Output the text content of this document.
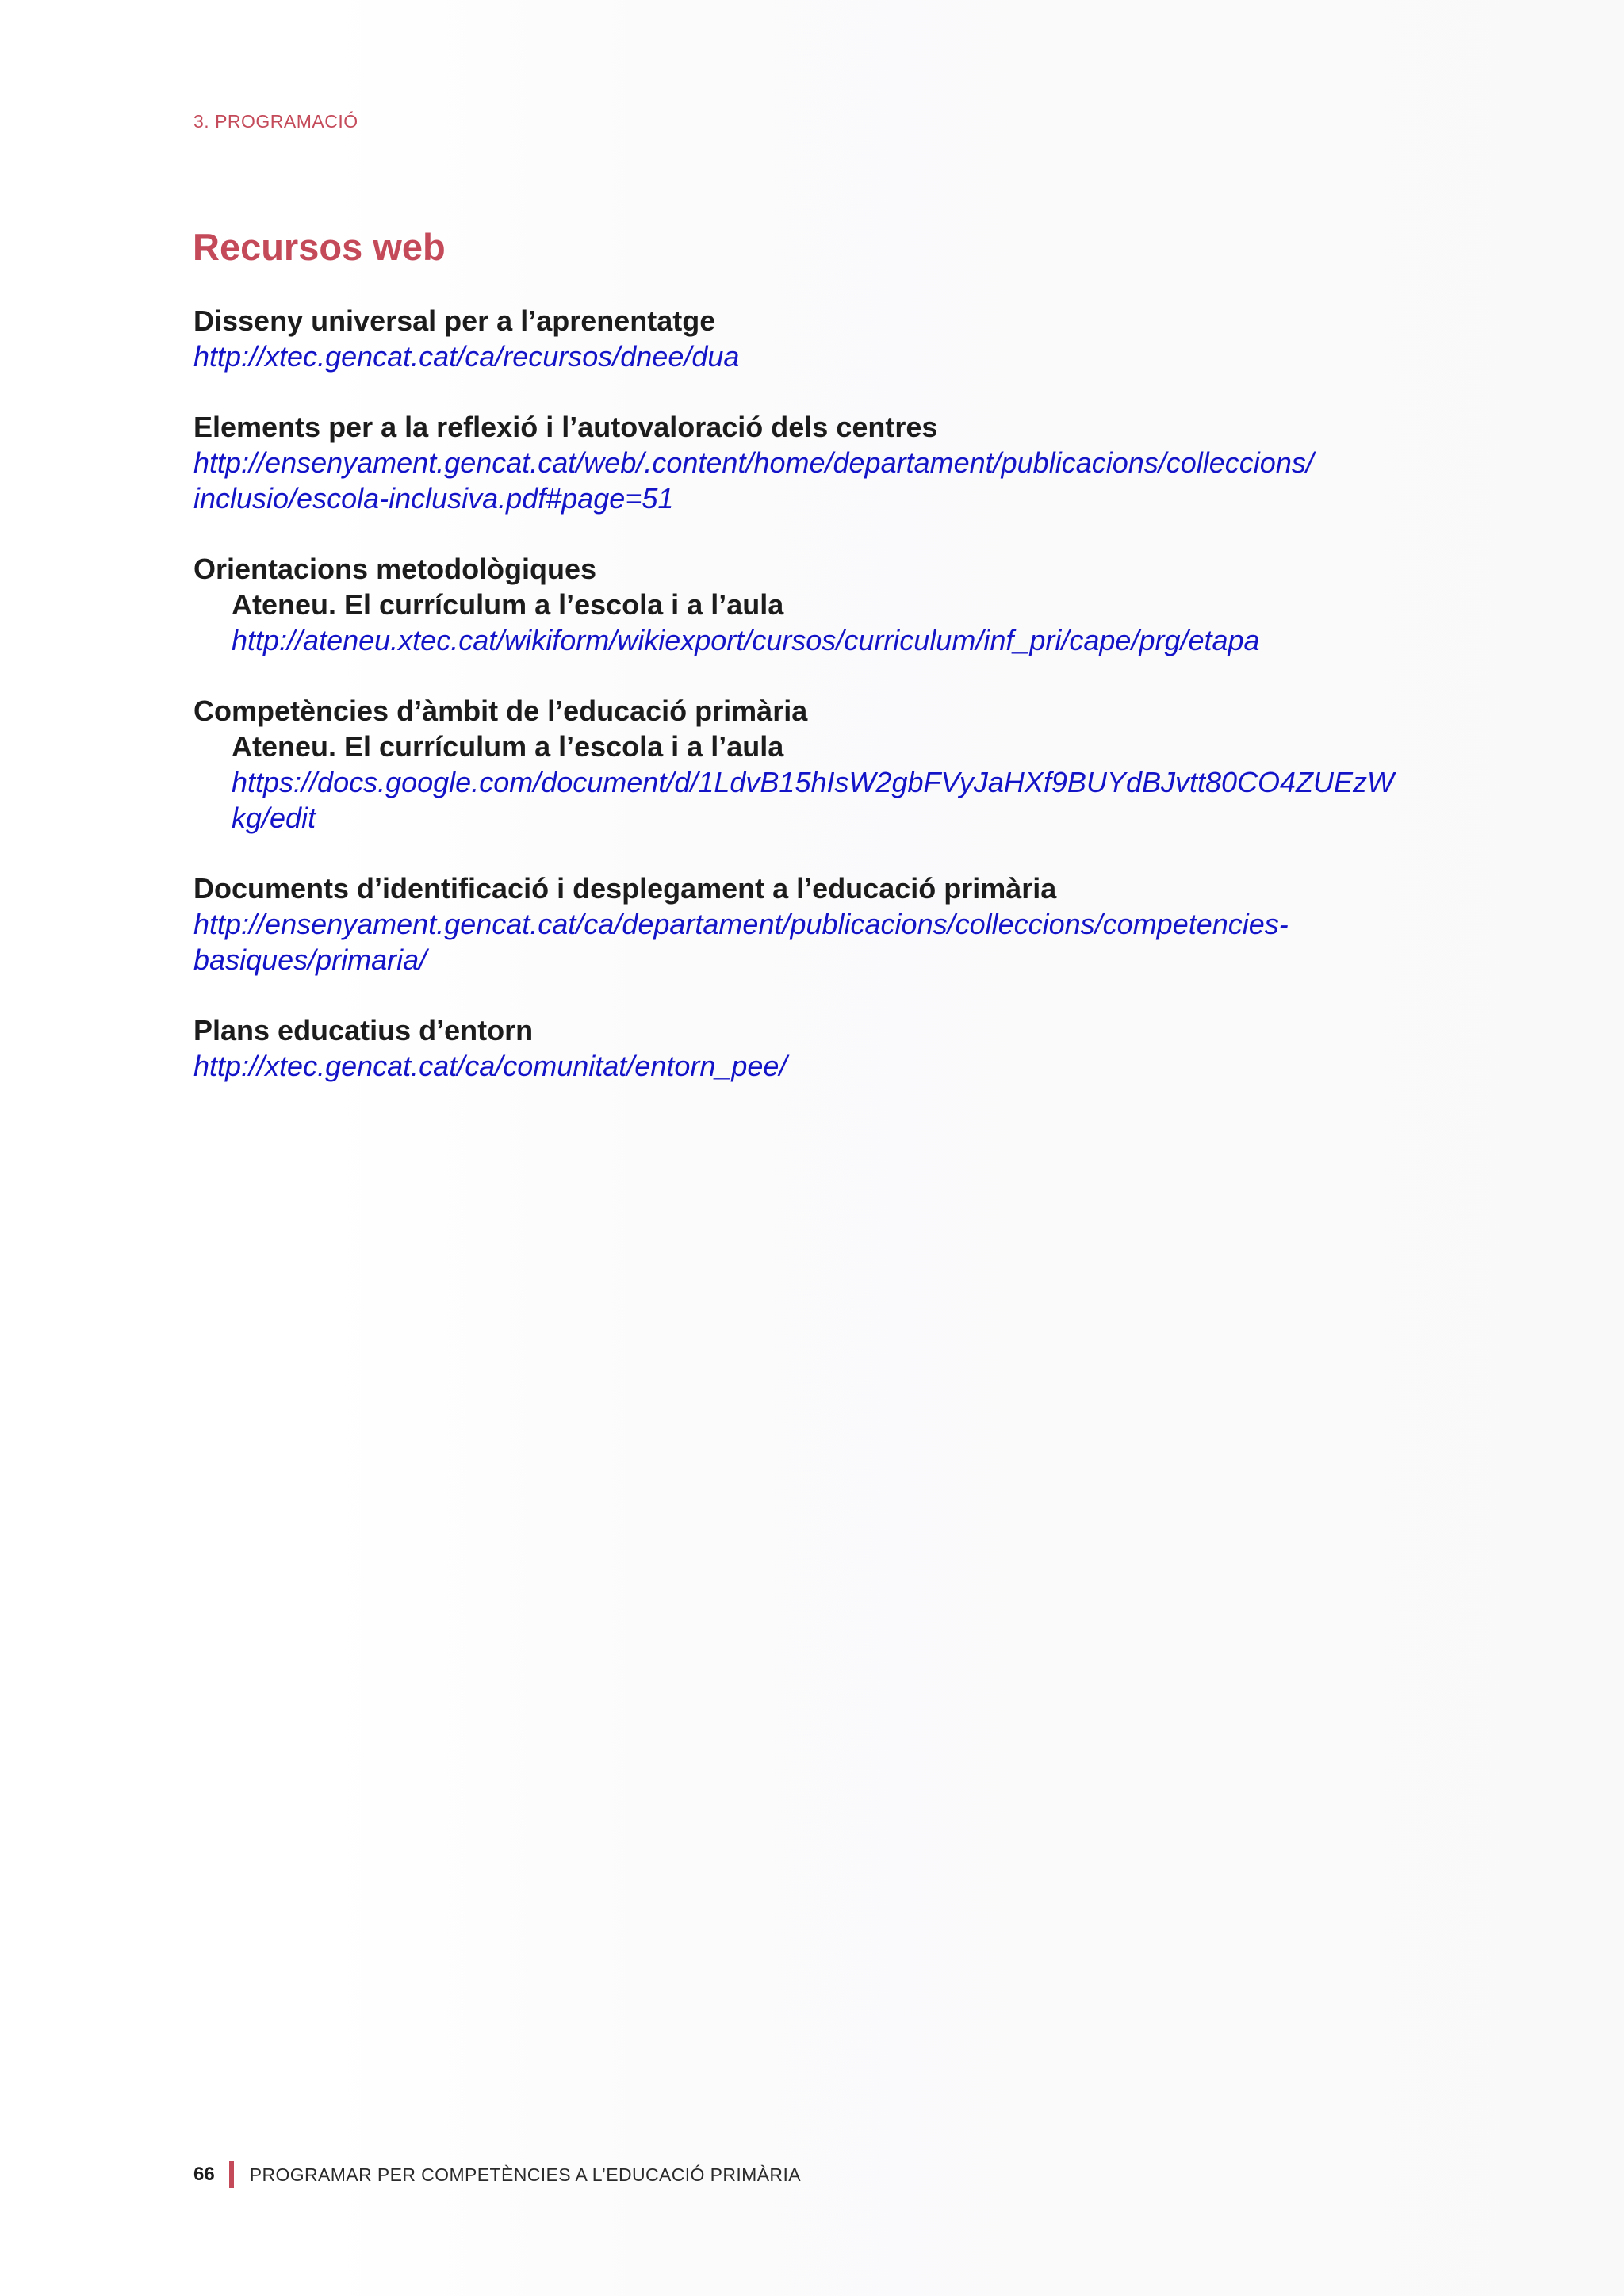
3. PROGRAMACIÓ
Recursos web
Disseny universal per a l’aprenentatge
http://xtec.gencat.cat/ca/recursos/dnee/dua
Elements per a la reflexió i l’autovaloració dels centres
http://ensenyament.gencat.cat/web/.content/home/departament/publicacions/colleccions/
inclusio/escola-inclusiva.pdf#page=51
Orientacions metodològiques
Ateneu. El currículum a l’escola i a l’aula
http://ateneu.xtec.cat/wikiform/wikiexport/cursos/curriculum/inf_pri/cape/prg/etapa
Competències d’àmbit de l’educació primària
Ateneu. El currículum a l’escola i a l’aula
https://docs.google.com/document/d/1LdvB15hIsW2gbFVyJaHXf9BUYdBJvtt80CO4ZUEzW
kg/edit
Documents d’identificació i desplegament a l’educació primària
http://ensenyament.gencat.cat/ca/departament/publicacions/colleccions/competencies-
basiques/primaria/
Plans educatius d’entorn
http://xtec.gencat.cat/ca/comunitat/entorn_pee/
66 PROGRAMAR PER COMPETÈNCIES A L’EDUCACIÓ PRIMÀRIA
